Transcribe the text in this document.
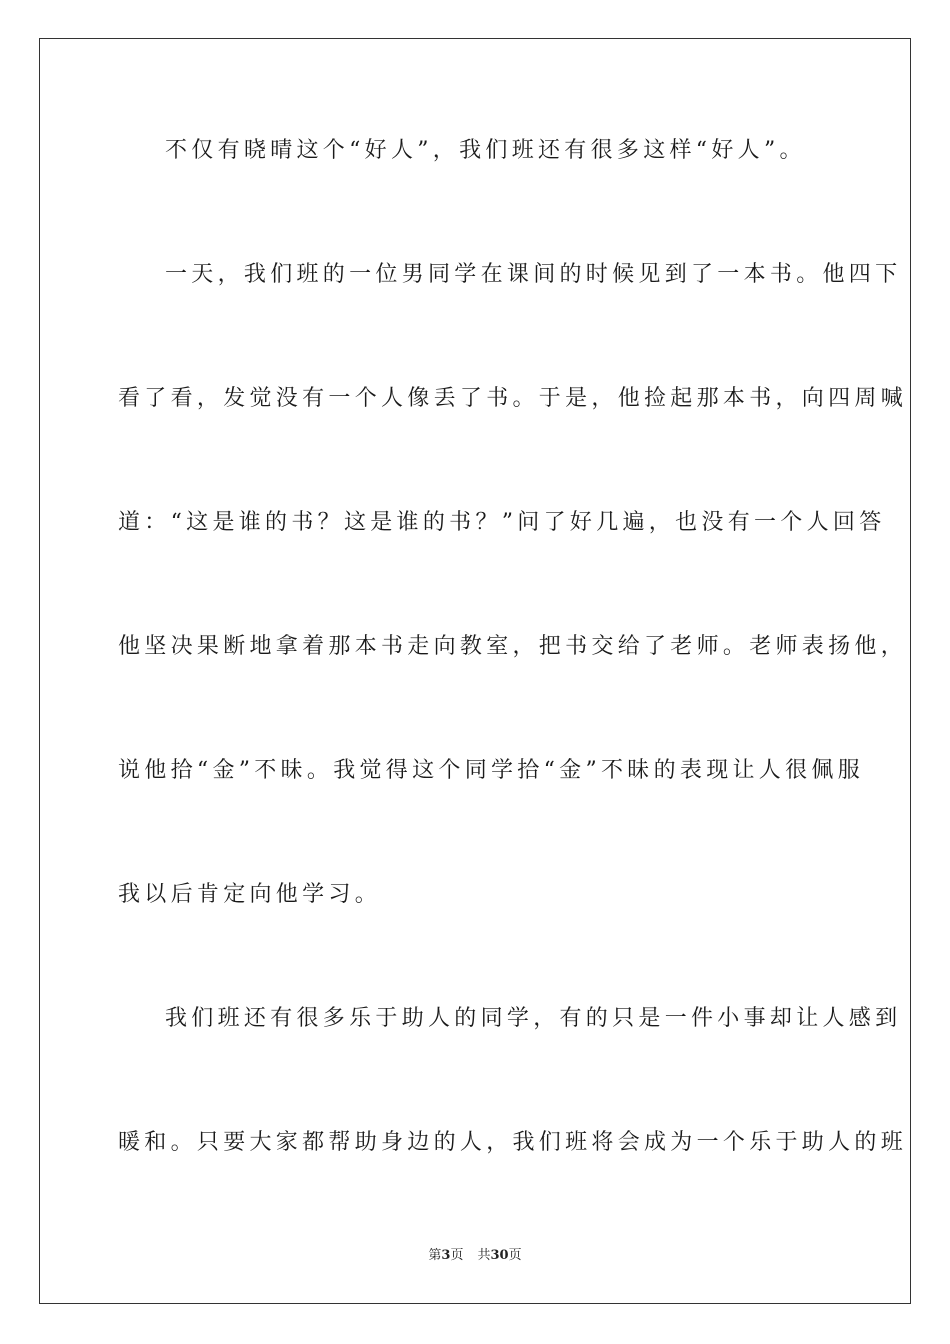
不仅有晓晴这个“好人”，我们班还有很多这样“好人”。
一天，我们班的一位男同学在课间的时候见到了一本书。他四下
看了看，发觉没有一个人像丢了书。于是，他捡起那本书，向四周喊
道：“这是谁的书？这是谁的书？”问了好几遍，也没有一个人回答
他坚决果断地拿着那本书走向教室，把书交给了老师。老师表扬他，
说他拾“金”不昧。我觉得这个同学拾“金”不昧的表现让人很佩服
我以后肯定向他学习。
我们班还有很多乐于助人的同学，有的只是一件小事却让人感到
暖和。只要大家都帮助身边的人，我们班将会成为一个乐于助人的班
第3页 共30页
